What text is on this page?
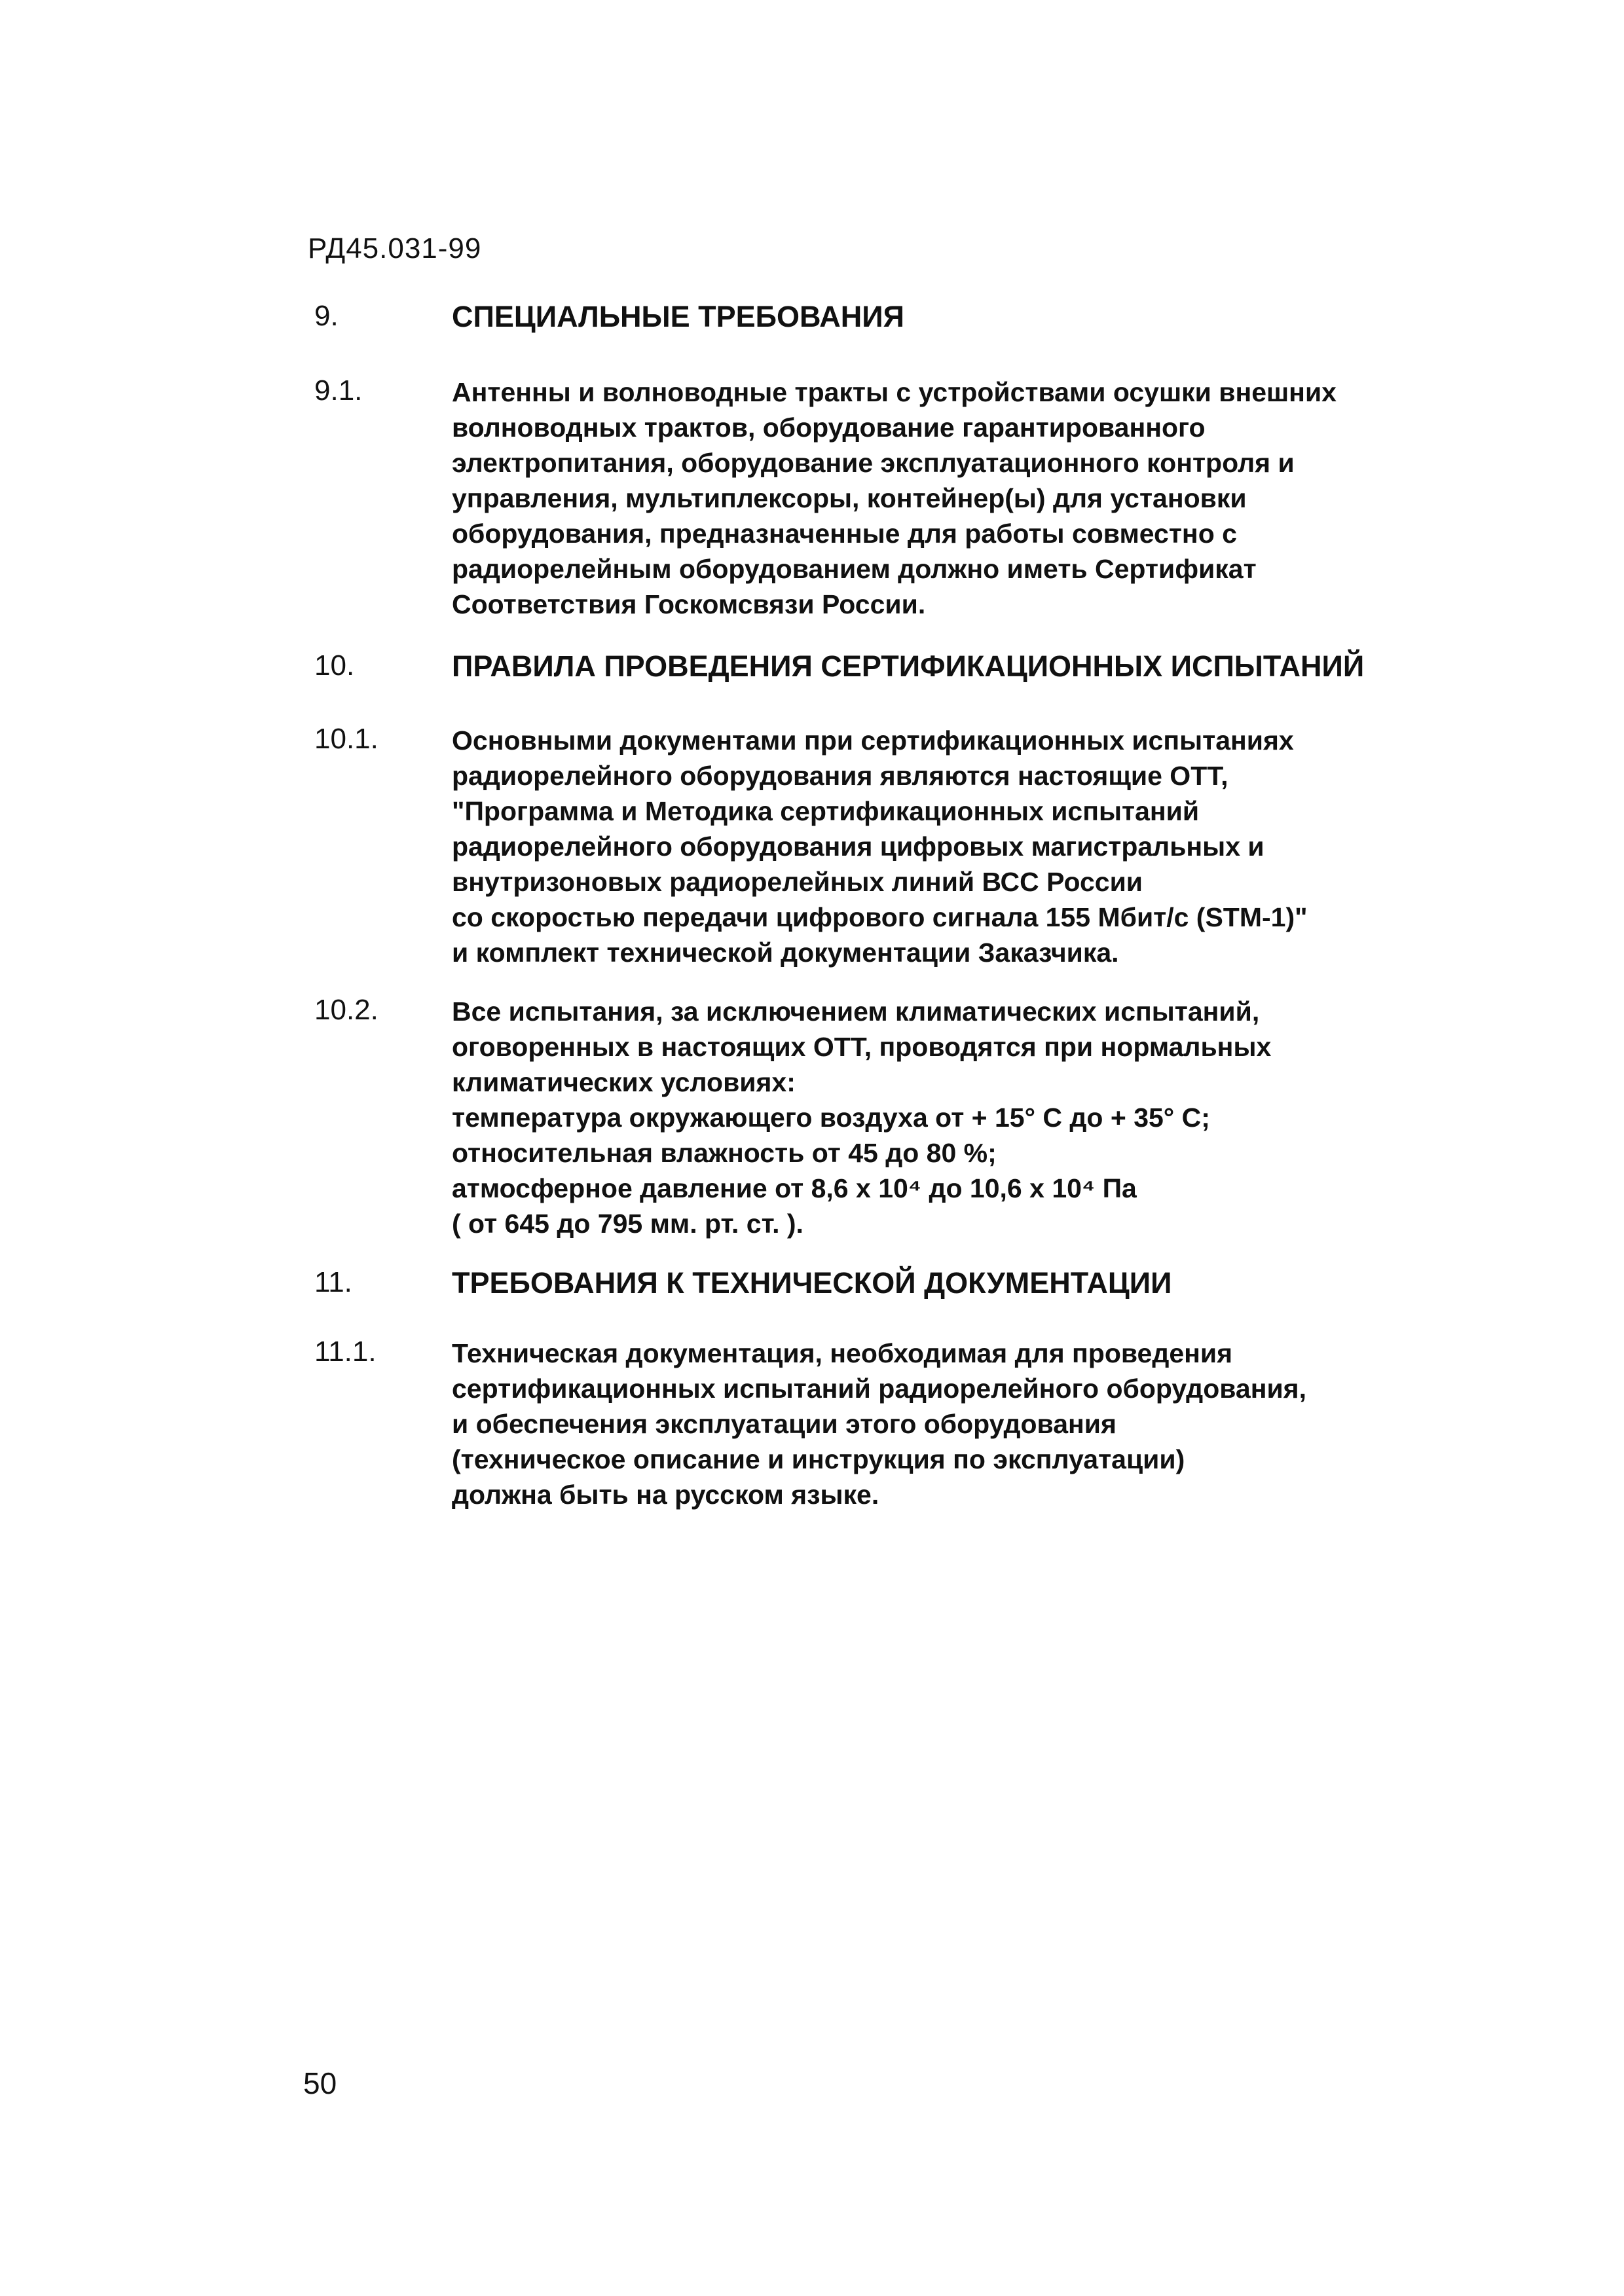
РД45.031-99
9.	СПЕЦИАЛЬНЫЕ ТРЕБОВАНИЯ
9.1.	Антенны и волноводные тракты с устройствами осушки внешних
волноводных трактов, оборудование гарантированного
электропитания, оборудование эксплуатационного контроля и
управления, мультиплексоры, контейнер(ы) для установки
оборудования, предназначенные для работы совместно с
радиорелейным оборудованием должно иметь Сертификат
Соответствия Госкомсвязи России.
10.	ПРАВИЛА ПРОВЕДЕНИЯ СЕРТИФИКАЦИОННЫХ ИСПЫТАНИЙ
10.1.	Основными документами при сертификационных испытаниях
радиорелейного оборудования являются настоящие ОТТ,
"Программа и Методика сертификационных испытаний
радиорелейного оборудования цифровых магистральных и
внутризоновых радиорелейных линий ВСС России
со скоростью передачи цифрового сигнала 155 Мбит/с (STM-1)"
и комплект технической документации Заказчика.
10.2.	Все испытания, за исключением климатических испытаний,
оговоренных в настоящих ОТТ, проводятся при нормальных
климатических условиях:
температура окружающего воздуха от + 15° С до + 35° С;
относительная влажность от 45 до 80 %;
атмосферное давление от 8,6 х 10⁴ до 10,6 х 10⁴ Па
( от 645 до 795 мм. рт. ст. ).
11.	ТРЕБОВАНИЯ К ТЕХНИЧЕСКОЙ ДОКУМЕНТАЦИИ
11.1.	Техническая документация, необходимая для проведения
сертификационных испытаний радиорелейного оборудования,
и обеспечения эксплуатации этого оборудования
(техническое описание и инструкция по эксплуатации)
должна быть на русском языке.
50
